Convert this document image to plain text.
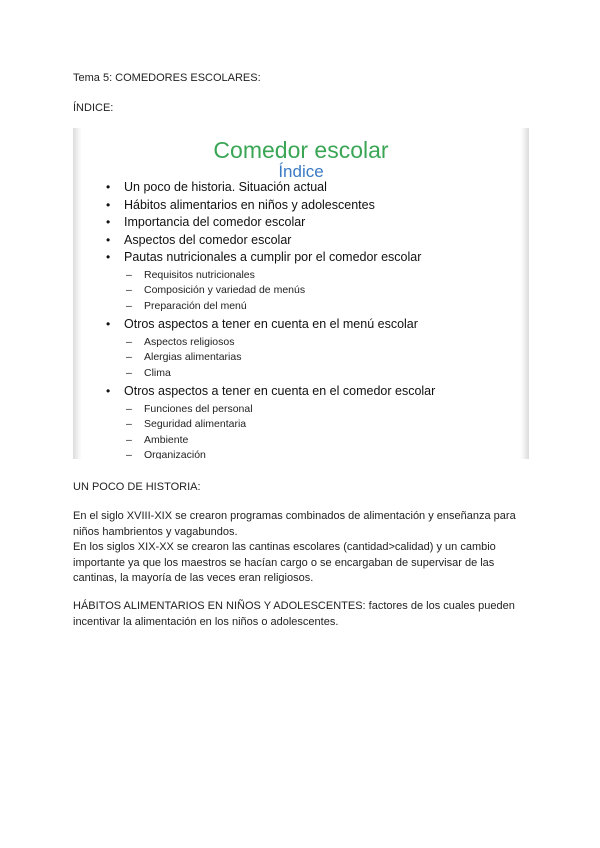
Tema 5: COMEDORES ESCOLARES:

ÍNDICE:

Comedor escolar
Índice
• Un poco de historia. Situación actual
• Hábitos alimentarios en niños y adolescentes
• Importancia del comedor escolar
• Aspectos del comedor escolar
• Pautas nutricionales a cumplir por el comedor escolar
– Requisitos nutricionales
– Composición y variedad de menús
– Preparación del menú
• Otros aspectos a tener en cuenta en el menú escolar
– Aspectos religiosos
– Alergias alimentarias
– Clima
• Otros aspectos a tener en cuenta en el comedor escolar
– Funciones del personal
– Seguridad alimentaria
– Ambiente
– Organización

UN POCO DE HISTORIA:

En el siglo XVIII-XIX se crearon programas combinados de alimentación y enseñanza para niños hambrientos y vagabundos.

En los siglos XIX-XX se crearon las cantinas escolares (cantidad>calidad) y un cambio importante ya que los maestros se hacían cargo o se encargaban de supervisar de las cantinas, la mayoría de las veces eran religiosos.

HÁBITOS ALIMENTARIOS EN NIÑOS Y ADOLESCENTES: factores de los cuales pueden incentivar la alimentación en los niños o adolescentes.
